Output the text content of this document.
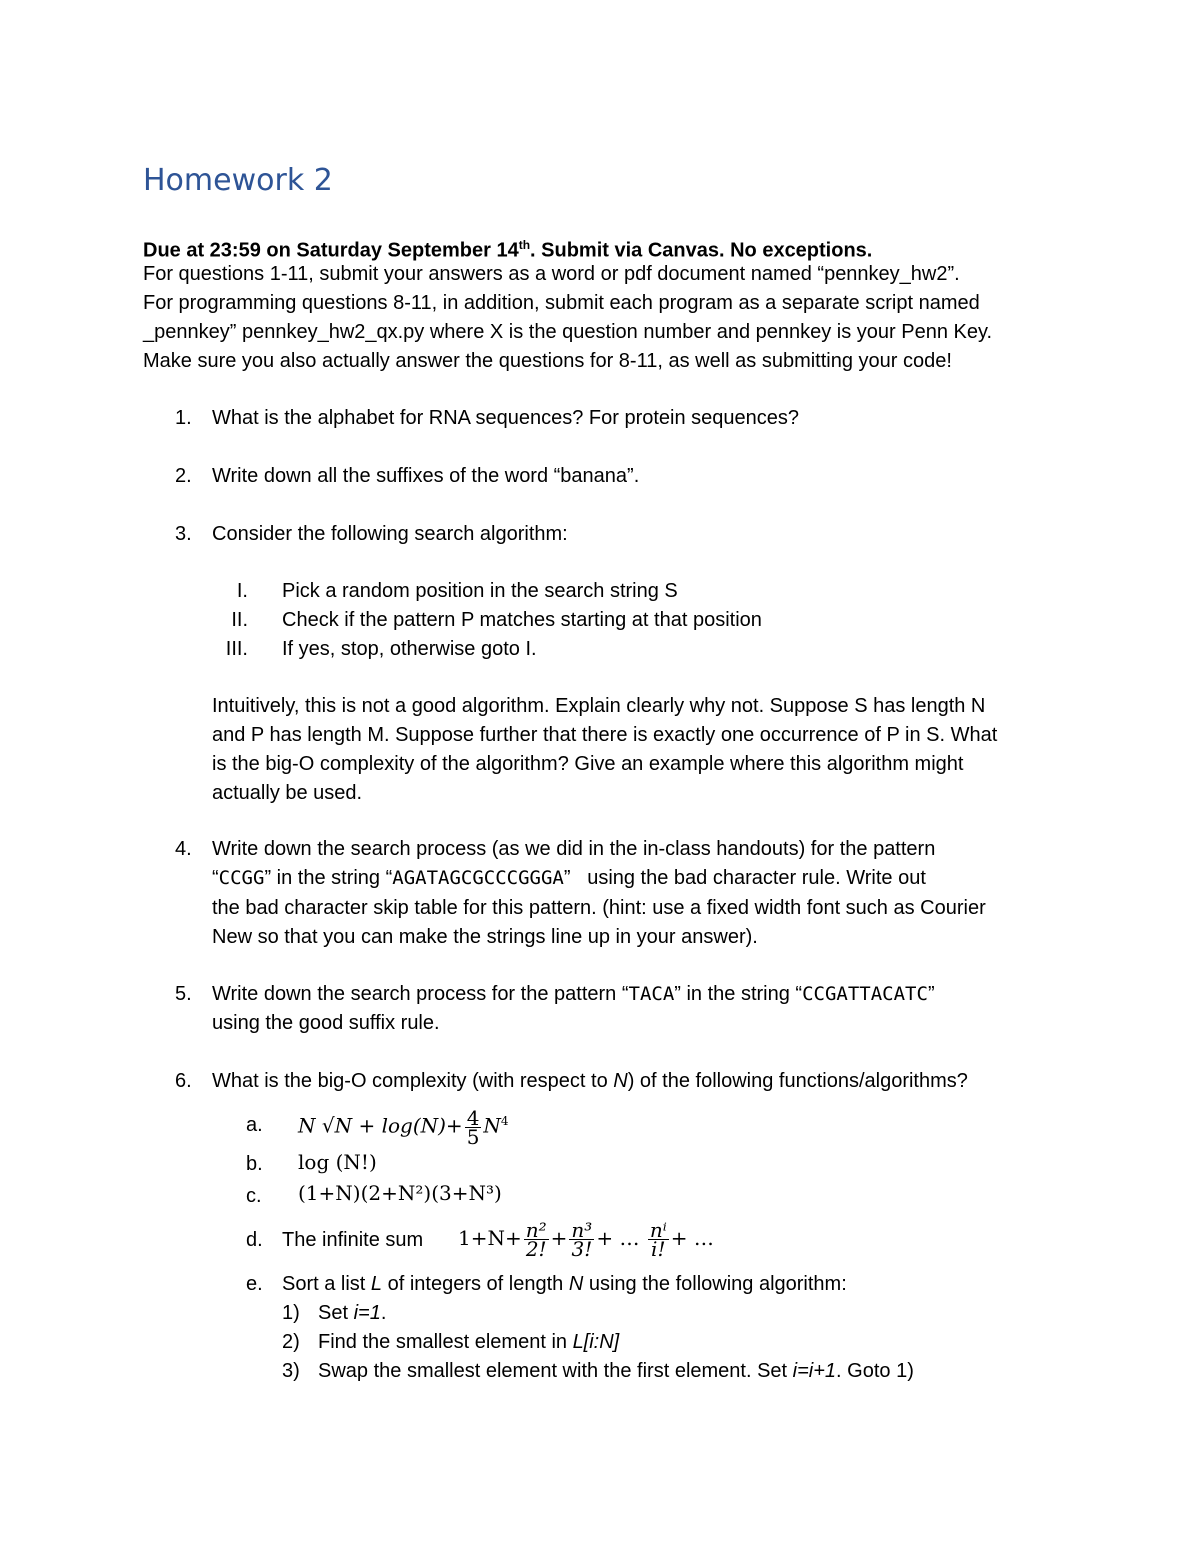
Homework 2
Due at 23:59 on Saturday September 14th. Submit via Canvas. No exceptions.
For questions 1-11, submit your answers as a word or pdf document named “pennkey_hw2”.
For programming questions 8-11, in addition, submit each program as a separate script named
_pennkey” pennkey_hw2_qx.py where X is the question number and pennkey is your Penn Key.
Make sure you also actually answer the questions for 8-11, as well as submitting your code!
1. What is the alphabet for RNA sequences? For protein sequences?
2. Write down all the suffixes of the word “banana”.
3. Consider the following search algorithm:
I. Pick a random position in the search string S
II. Check if the pattern P matches starting at that position
III. If yes, stop, otherwise goto I.
Intuitively, this is not a good algorithm. Explain clearly why not. Suppose S has length N
and P has length M. Suppose further that there is exactly one occurrence of P in S. What
is the big-O complexity of the algorithm? Give an example where this algorithm might
actually be used.
4. Write down the search process (as we did in the in-class handouts) for the pattern
“CCGG” in the string “AGATAGCGCCCGGGA”   using the bad character rule. Write out
the bad character skip table for this pattern. (hint: use a fixed width font such as Courier
New so that you can make the strings line up in your answer).
5. Write down the search process for the pattern “TACA” in the string “CCGATTACATC”
using the good suffix rule.
6. What is the big-O complexity (with respect to N) of the following functions/algorithms?
a. N $√N + \log(N)+ \frac{4}{5} N^4$
b. log (N!)
c. (1+N)(2+N²)(3+N³)
d. The infinite sum $1+N+ \frac{\text{n²}}{2!} + \frac{\text{n³}}{3!}$ + … $\frac{\text{nⁱ}}{i!}$ + …
e. Sort a list L of integers of length N using the following algorithm:
1) Set i=1.
2) Find the smallest element in L[i:N]
3) Swap the smallest element with the first element. Set i=i+1. Goto 1)
